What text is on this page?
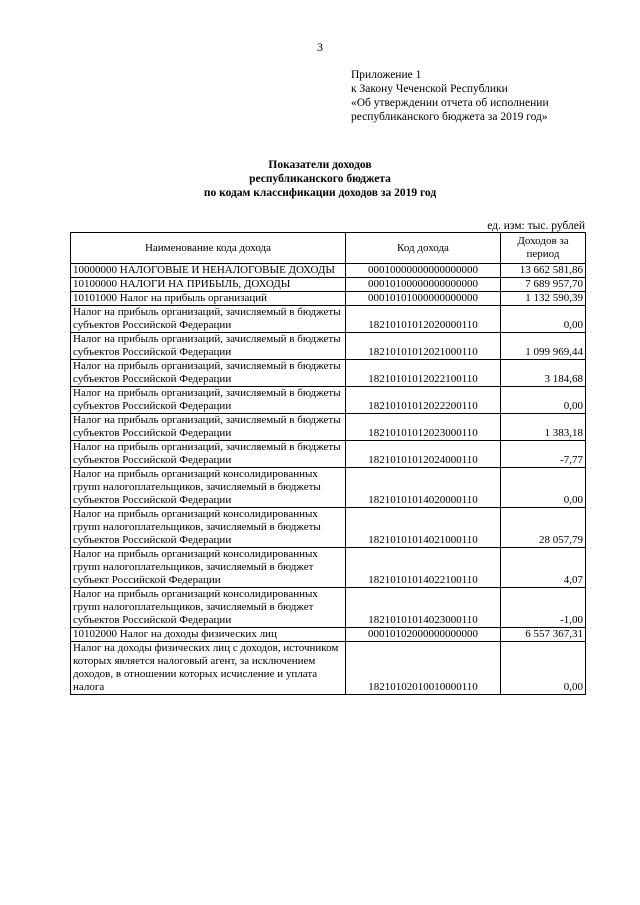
3
Приложение 1
к Закону Чеченской Республики
«Об утверждении отчета об исполнении
республиканского бюджета за 2019 год»
Показатели доходов
республиканского бюджета
по кодам классификации доходов за 2019 год
ед. изм: тыс. рублей
Наименование кода дохода	Код дохода	Доходов за период
10000000 НАЛОГОВЫЕ И НЕНАЛОГОВЫЕ ДОХОДЫ	00010000000000000000	13 662 581,86
10100000 НАЛОГИ НА ПРИБЫЛЬ, ДОХОДЫ	00010100000000000000	7 689 957,70
10101000 Налог на прибыль организаций	00010101000000000000	1 132 590,39
Налог на прибыль организаций, зачисляемый в бюджеты субъектов Российской Федерации	18210101012020000110	0,00
Налог на прибыль организаций, зачисляемый в бюджеты субъектов Российской Федерации	18210101012021000110	1 099 969,44
Налог на прибыль организаций, зачисляемый в бюджеты субъектов Российской Федерации	18210101012022100110	3 184,68
Налог на прибыль организаций, зачисляемый в бюджеты субъектов Российской Федерации	18210101012022200110	0,00
Налог на прибыль организаций, зачисляемый в бюджеты субъектов Российской Федерации	18210101012023000110	1 383,18
Налог на прибыль организаций, зачисляемый в бюджеты субъектов Российской Федерации	18210101012024000110	-7,77
Налог на прибыль организаций консолидированных групп налогоплательщиков, зачисляемый в бюджеты субъектов Российской Федерации	18210101014020000110	0,00
Налог на прибыль организаций консолидированных групп налогоплательщиков, зачисляемый в бюджеты субъектов Российской Федерации	18210101014021000110	28 057,79
Налог на прибыль организаций консолидированных групп налогоплательщиков, зачисляемый в бюджет субъект Российской Федерации	18210101014022100110	4,07
Налог на прибыль организаций консолидированных групп налогоплательщиков, зачисляемый в бюджет субъектов Российской Федерации	18210101014023000110	-1,00
10102000 Налог на доходы физических лиц	00010102000000000000	6 557 367,31
Налог на доходы физических лиц с доходов, источником которых является налоговый агент, за исключением доходов, в отношении которых исчисление и уплата налога	18210102010010000110	0,00
